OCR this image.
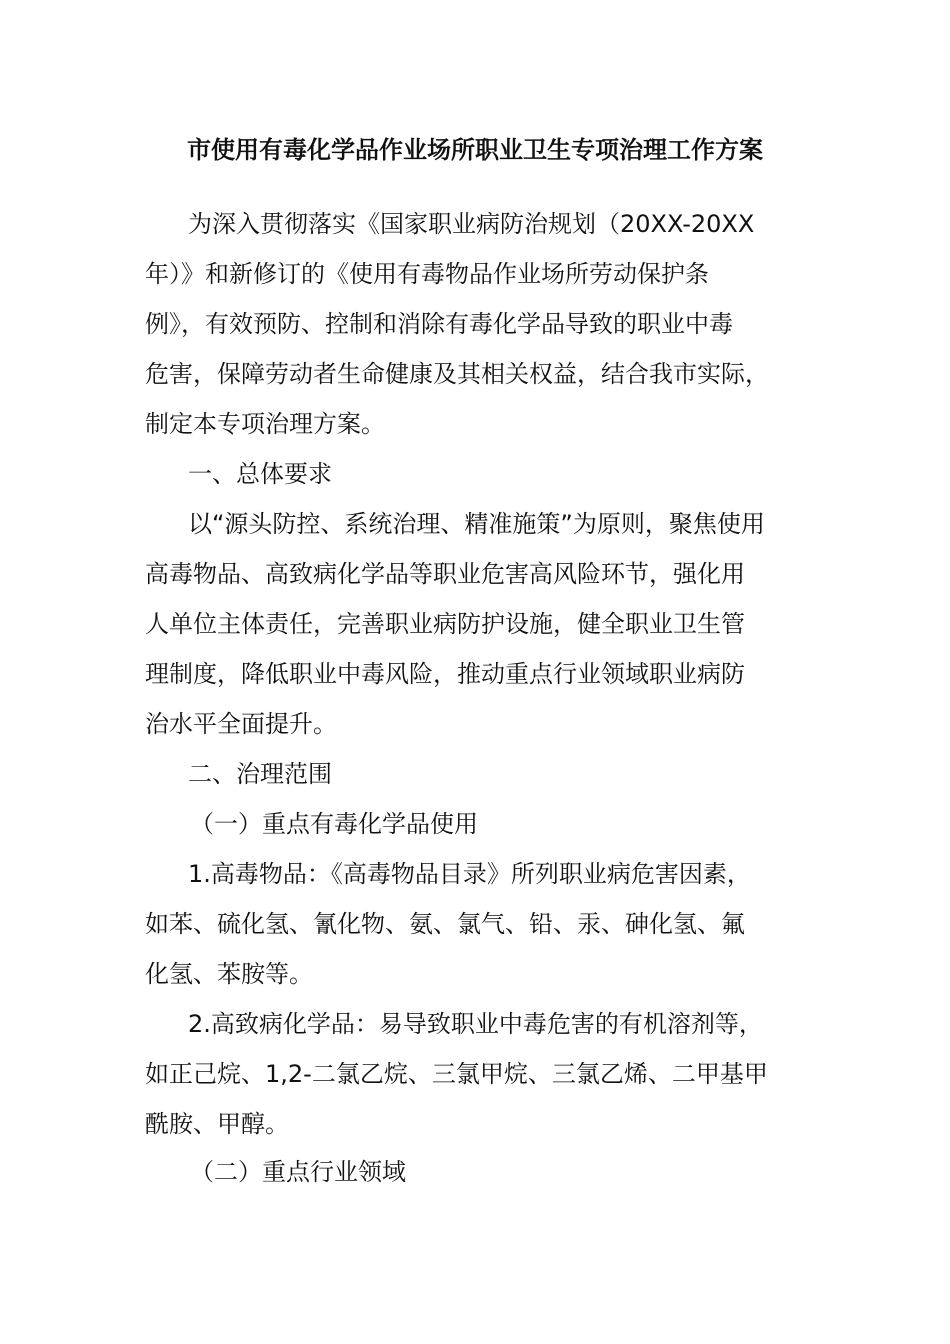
市使用有毒化学品作业场所职业卫生专项治理工作方案
为深入贯彻落实《国家职业病防治规划（20XX-20XX
年）》和新修订的《使用有毒物品作业场所劳动保护条
例》，有效预防、控制和消除有毒化学品导致的职业中毒
危害，保障劳动者生命健康及其相关权益，结合我市实际，
制定本专项治理方案。
一、总体要求
以“源头防控、系统治理、精准施策”为原则，聚焦使用
高毒物品、高致病化学品等职业危害高风险环节，强化用
人单位主体责任，完善职业病防护设施，健全职业卫生管
理制度，降低职业中毒风险，推动重点行业领域职业病防
治水平全面提升。
二、治理范围
（一）重点有毒化学品使用
1.高毒物品：《高毒物品目录》所列职业病危害因素，
如苯、硫化氢、氰化物、氨、氯气、铅、汞、砷化氢、氟
化氢、苯胺等。
2.高致病化学品：易导致职业中毒危害的有机溶剂等，
如正己烷、1,2-二氯乙烷、三氯甲烷、三氯乙烯、二甲基甲
酰胺、甲醇。
（二）重点行业领域
